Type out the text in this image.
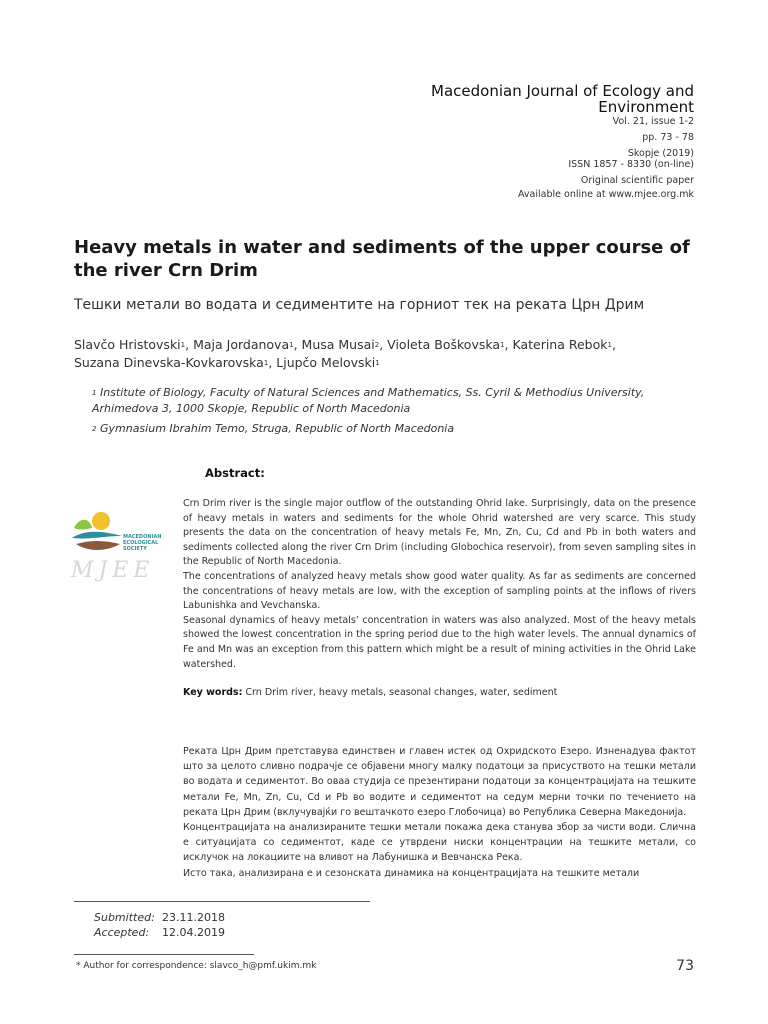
Macedonian Journal of Ecology and
Environment
Vol. 21, issue 1-2
pp. 73 - 78
Skopje (2019)
ISSN 1857 - 8330 (on-line)
Original scientific paper
Available online at www.mjee.org.mk
Heavy metals in water and sediments of the upper course of the river Crn Drim
Тешки метали во водата и седиментите на горниот тек на реката Црн Дрим
Slavčo Hristovski$^1$, Maja Jordanova$^1$, Musa Musai$^2$, Violeta Boškovska$^1$, Katerina Rebok$^1$,
Suzana Dinevska-Kovkarovska$^1$, Ljupčo Melovski$^1$
$^1$ Institute of Biology, Faculty of Natural Sciences and Mathematics, Ss. Cyril & Methodius University,
Arhimedova 3, 1000 Skopje, Republic of North Macedonia
$^2$ Gymnasium Ibrahim Temo, Struga, Republic of North Macedonia
Abstract:
MACEDONIAN
ECOLOGICAL
SOCIETY
MJEE

Crn Drim river is the single major outflow of the outstanding Ohrid lake. Surprisingly, data on the presence of heavy metals in waters and sediments for the whole Ohrid watershed are very scarce. This study presents the data on the concentration of heavy metals Fe, Mn, Zn, Cu, Cd and Pb in both waters and sediments collected along the river Crn Drim (including Globochica reservoir), from seven sampling sites in the Republic of North Macedonia.

The concentrations of analyzed heavy metals show good water quality. As far as sediments are concerned the concentrations of heavy metals are low, with the exception of sampling points at the inflows of rivers Labunishka and Vevchanska.

Seasonal dynamics of heavy metals’ concentration in waters was also analyzed. Most of the heavy metals showed the lowest concentration in the spring period due to the high water levels. The annual dynamics of Fe and Mn was an exception from this pattern which might be a result of mining activities in the Ohrid Lake watershed.

Key words: Crn Drim river, heavy metals, seasonal changes, water, sediment

Реката Црн Дрим претставува единствен и главен истек од Охридското Езеро. Изненадува фактот што за целото сливно подрачје се објавени многу малку податоци за присуството на тешки метали во водата и седиментот. Во оваа студија се презентирани податоци за концентрацијата на тешките метали Fe, Mn, Zn, Cu, Cd и Pb во водите и седиментот на седум мерни точки по течението на реката Црн Дрим (вклучувајќи го вештачкото езеро Глобочица) во Република Северна Македонија.

Концентрацијата на анализираните тешки метали покажа дека станува збор за чисти води. Слична е ситуацијата со седиментот, каде се утврдени ниски концентрации на тешките метали, со исклучок на локациите на вливот на Лабунишка и Вевчанска Река.

Исто така, анализирана е и сезонската динамика на концентрацијата на тешките метали

Submitted: 23.11.2018
Accepted: 12.04.2019
* Author for correspondence: slavco_h@pmf.ukim.mk	73
